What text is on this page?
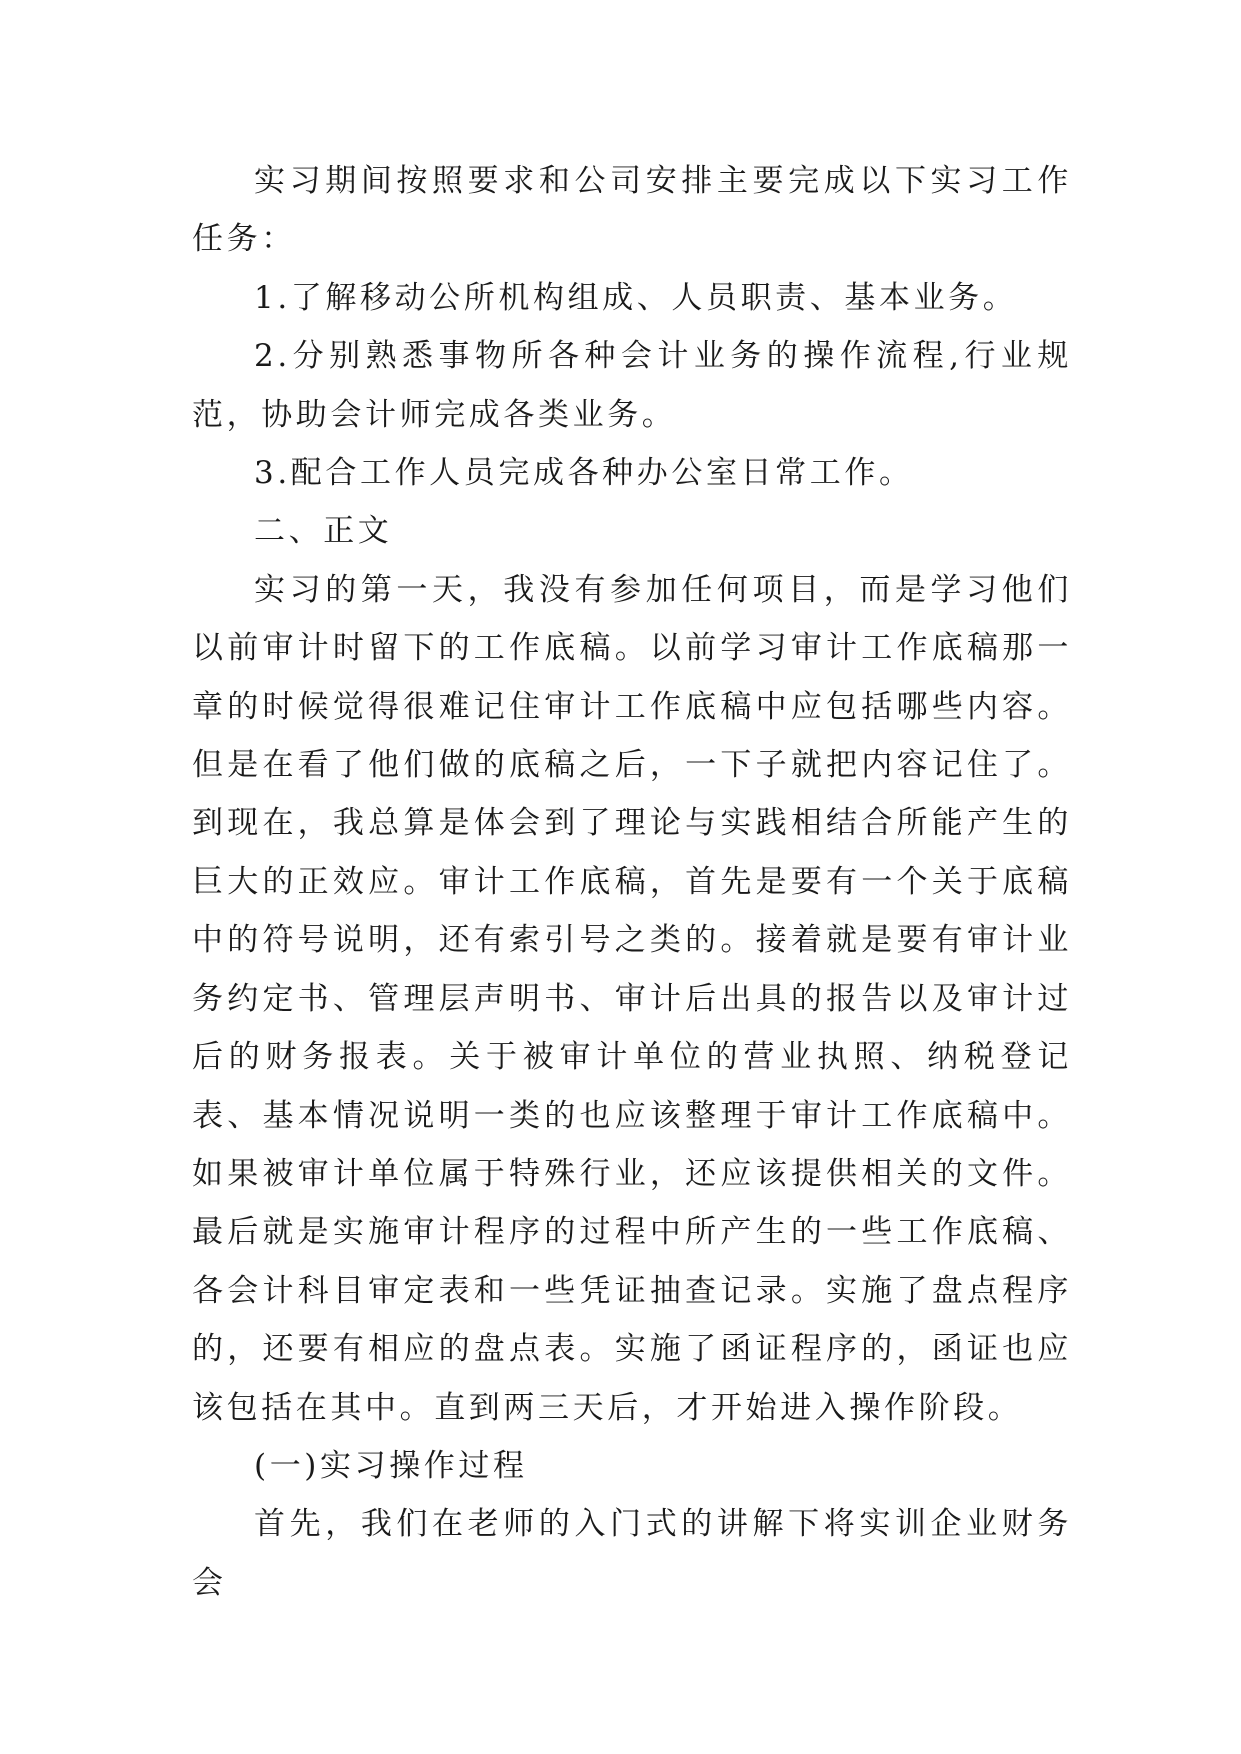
实习期间按照要求和公司安排主要完成以下实习工作任务：

1.了解移动公所机构组成、人员职责、基本业务。

2.分别熟悉事物所各种会计业务的操作流程,行业规范，协助会计师完成各类业务。

3.配合工作人员完成各种办公室日常工作。

二、正文

实习的第一天，我没有参加任何项目，而是学习他们以前审计时留下的工作底稿。以前学习审计工作底稿那一章的时候觉得很难记住审计工作底稿中应包括哪些内容。但是在看了他们做的底稿之后，一下子就把内容记住了。到现在，我总算是体会到了理论与实践相结合所能产生的巨大的正效应。审计工作底稿，首先是要有一个关于底稿中的符号说明，还有索引号之类的。接着就是要有审计业务约定书、管理层声明书、审计后出具的报告以及审计过后的财务报表。关于被审计单位的营业执照、纳税登记表、基本情况说明一类的也应该整理于审计工作底稿中。如果被审计单位属于特殊行业，还应该提供相关的文件。最后就是实施审计程序的过程中所产生的一些工作底稿、各会计科目审定表和一些凭证抽查记录。实施了盘点程序的，还要有相应的盘点表。实施了函证程序的，函证也应该包括在其中。直到两三天后，才开始进入操作阶段。

(一)实习操作过程

首先，我们在老师的入门式的讲解下将实训企业财务会
